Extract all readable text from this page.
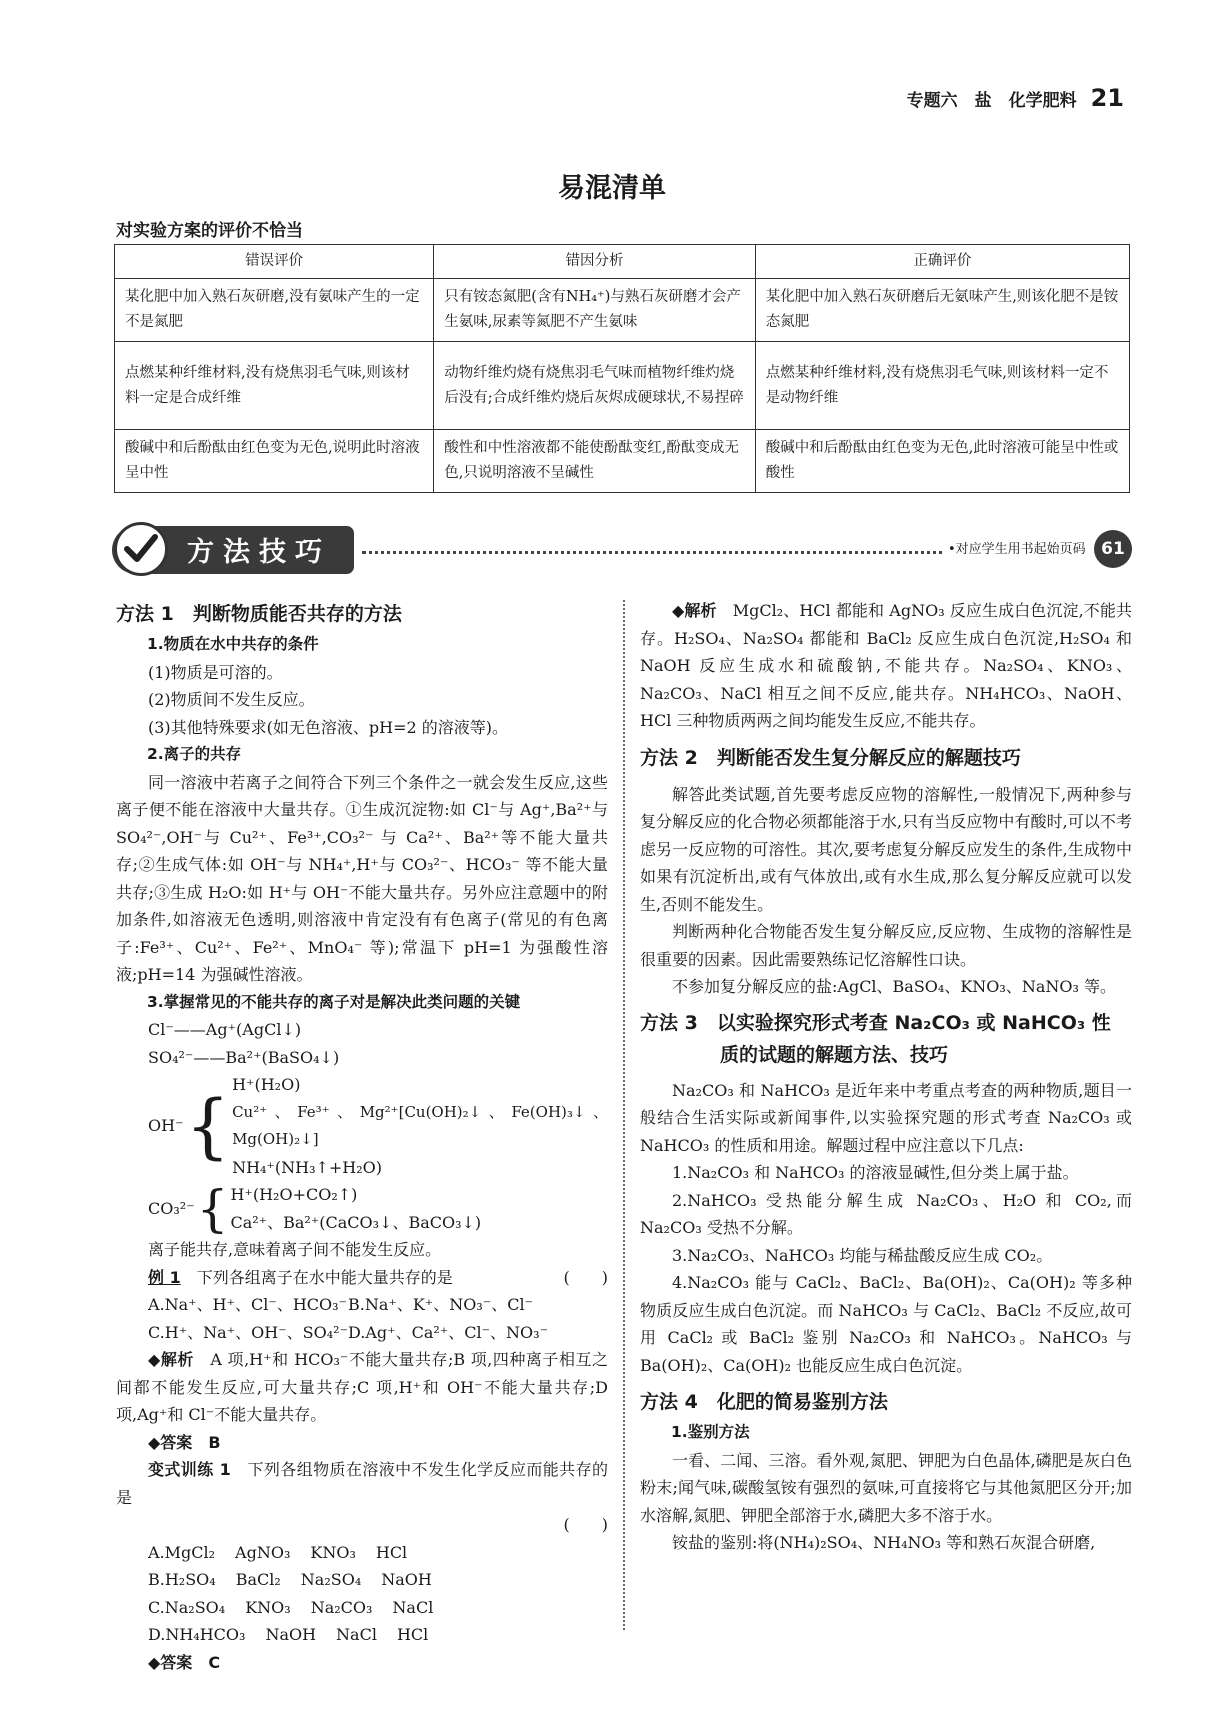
专题六　盐　化学肥料 21
易混清单
对实验方案的评价不恰当
错误评价	错因分析	正确评价
某化肥中加入熟石灰研磨,没有氨味产生的一定不是氮肥	只有铵态氮肥(含有NH₄⁺)与熟石灰研磨才会产生氨味,尿素等氮肥不产生氨味	某化肥中加入熟石灰研磨后无氨味产生,则该化肥不是铵态氮肥
点燃某种纤维材料,没有烧焦羽毛气味,则该材料一定是合成纤维	动物纤维灼烧有烧焦羽毛气味而植物纤维灼烧后没有;合成纤维灼烧后灰烬成硬球状,不易捏碎	点燃某种纤维材料,没有烧焦羽毛气味,则该材料一定不是动物纤维
酸碱中和后酚酞由红色变为无色,说明此时溶液呈中性	酸性和中性溶液都不能使酚酞变红,酚酞变成无色,只说明溶液不呈碱性	酸碱中和后酚酞由红色变为无色,此时溶液可能呈中性或酸性
方法技巧	•对应学生用书起始页码 61

方法 1　判断物质能否共存的方法

1.物质在水中共存的条件

(1)物质是可溶的。

(2)物质间不发生反应。

(3)其他特殊要求(如无色溶液、pH=2 的溶液等)。

2.离子的共存

同一溶液中若离子之间符合下列三个条件之一就会发生反应,这些离子便不能在溶液中大量共存。①生成沉淀物:如 Cl⁻与 Ag⁺,Ba²⁺与 SO₄²⁻,OH⁻与 Cu²⁺、Fe³⁺,CO₃²⁻ 与 Ca²⁺、Ba²⁺等不能大量共存;②生成气体:如 OH⁻与 NH₄⁺,H⁺与 CO₃²⁻、HCO₃⁻ 等不能大量共存;③生成 H₂O:如 H⁺与 OH⁻不能大量共存。另外应注意题中的附加条件,如溶液无色透明,则溶液中肯定没有有色离子(常见的有色离子:Fe³⁺、Cu²⁺、Fe²⁺、MnO₄⁻ 等);常温下 pH=1 为强酸性溶液;pH=14 为强碱性溶液。

3.掌握常见的不能共存的离子对是解决此类问题的关键

Cl⁻——Ag⁺(AgCl↓)

SO₄²⁻——Ba²⁺(BaSO₄↓)

OH⁻ {

H⁺(H₂O)

Cu²⁺、Fe³⁺、Mg²⁺[Cu(OH)₂↓、Fe(OH)₃↓、Mg(OH)₂↓]

NH₄⁺(NH₃↑+H₂O)

CO₃²⁻ { H⁺(H₂O+CO₂↑)

Ca²⁺、Ba²⁺(CaCO₃↓、BaCO₃↓)

离子能共存,意味着离子间不能发生反应。

例 1　 下列各组离子在水中能大量共存的是	(　　)

A.Na⁺、H⁺、Cl⁻、HCO₃⁻ B.Na⁺、K⁺、NO₃⁻、Cl⁻
C.H⁺、Na⁺、OH⁻、SO₄²⁻ D.Ag⁺、Ca²⁺、Cl⁻、NO₃⁻

◆解析　 A 项,H⁺和 HCO₃⁻不能大量共存;B 项,四种离子相互之间都不能发生反应,可大量共存;C 项,H⁺和 OH⁻不能大量共存;D 项,Ag⁺和 Cl⁻不能大量共存。

◆答案　 B

变式训练 1　 下列各组物质在溶液中不发生化学反应而能共存的是

(　　)

A.MgCl₂ AgNO₃ KNO₃ HCl
B.H₂SO₄ BaCl₂ Na₂SO₄ NaOH
C.Na₂SO₄ KNO₃ Na₂CO₃ NaCl
D.NH₄HCO₃ NaOH NaCl HCl

◆答案　 C

◆解析　 MgCl₂、HCl 都能和 AgNO₃ 反应生成白色沉淀,不能共存。H₂SO₄、Na₂SO₄ 都能和 BaCl₂ 反应生成白色沉淀,H₂SO₄ 和 NaOH 反应生成水和硫酸钠,不能共存。Na₂SO₄、KNO₃、Na₂CO₃、NaCl 相互之间不反应,能共存。NH₄HCO₃、NaOH、HCl 三种物质两两之间均能发生反应,不能共存。

方法 2　判断能否发生复分解反应的解题技巧

解答此类试题,首先要考虑反应物的溶解性,一般情况下,两种参与复分解反应的化合物必须都能溶于水,只有当反应物中有酸时,可以不考虑另一反应物的可溶性。其次,要考虑复分解反应发生的条件,生成物中如果有沉淀析出,或有气体放出,或有水生成,那么复分解反应就可以发生,否则不能发生。

判断两种化合物能否发生复分解反应,反应物、生成物的溶解性是很重要的因素。因此需要熟练记忆溶解性口诀。

不参加复分解反应的盐:AgCl、BaSO₄、KNO₃、NaNO₃ 等。

方法 3　以实验探究形式考查 Na₂CO₃ 或 NaHCO₃ 性

质的试题的解题方法、技巧

Na₂CO₃ 和 NaHCO₃ 是近年来中考重点考查的两种物质,题目一般结合生活实际或新闻事件,以实验探究题的形式考查 Na₂CO₃ 或 NaHCO₃ 的性质和用途。解题过程中应注意以下几点:

1.Na₂CO₃ 和 NaHCO₃ 的溶液显碱性,但分类上属于盐。

2.NaHCO₃ 受热能分解生成 Na₂CO₃、H₂O 和 CO₂,而 Na₂CO₃ 受热不分解。

3.Na₂CO₃、NaHCO₃ 均能与稀盐酸反应生成 CO₂。

4.Na₂CO₃ 能与 CaCl₂、BaCl₂、Ba(OH)₂、Ca(OH)₂ 等多种物质反应生成白色沉淀。而 NaHCO₃ 与 CaCl₂、BaCl₂ 不反应,故可用 CaCl₂ 或 BaCl₂ 鉴别 Na₂CO₃ 和 NaHCO₃。NaHCO₃ 与 Ba(OH)₂、Ca(OH)₂ 也能反应生成白色沉淀。

方法 4　化肥的简易鉴别方法

1.鉴别方法

一看、二闻、三溶。看外观,氮肥、钾肥为白色晶体,磷肥是灰白色粉末;闻气味,碳酸氢铵有强烈的氨味,可直接将它与其他氮肥区分开;加水溶解,氮肥、钾肥全部溶于水,磷肥大多不溶于水。

铵盐的鉴别:将(NH₄)₂SO₄、NH₄NO₃ 等和熟石灰混合研磨,
